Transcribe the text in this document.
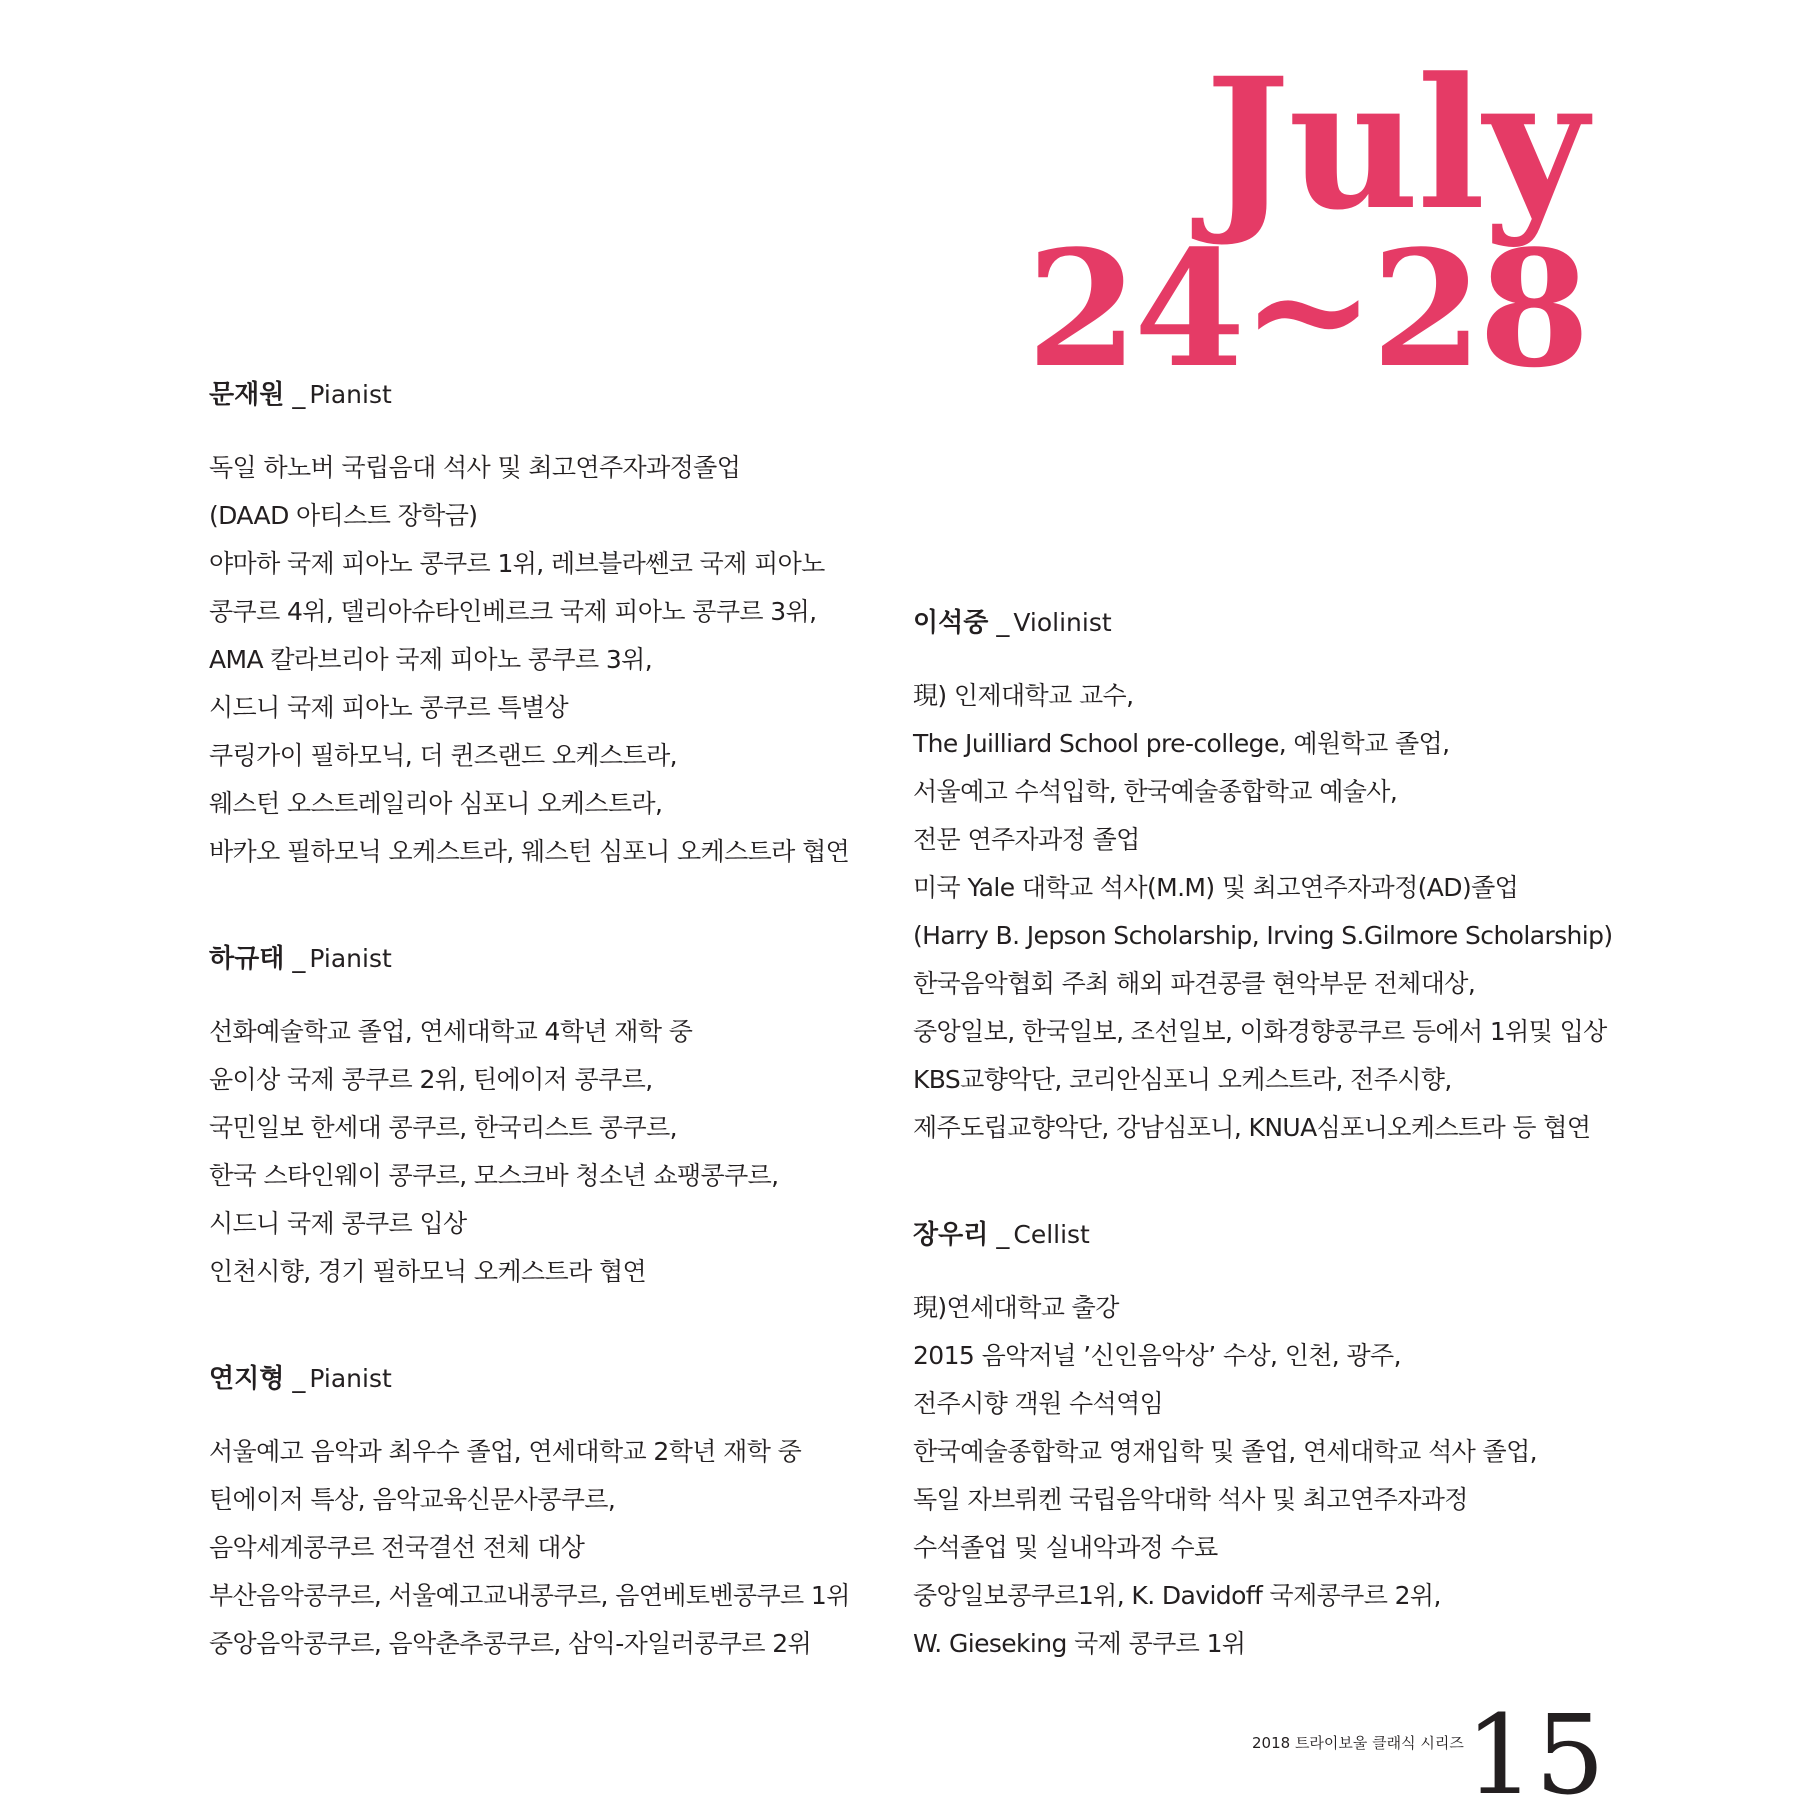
July
24~28
문재원 _ Pianist
독일 하노버 국립음대 석사 및 최고연주자과정졸업
(DAAD 아티스트 장학금)
야마하 국제 피아노 콩쿠르 1위, 레브블라쎈코 국제 피아노
콩쿠르 4위, 델리아슈타인베르크 국제 피아노 콩쿠르 3위,
AMA 칼라브리아 국제 피아노 콩쿠르 3위,
시드니 국제 피아노 콩쿠르 특별상
쿠링가이 필하모닉, 더 퀸즈랜드 오케스트라,
웨스턴 오스트레일리아 심포니 오케스트라,
바카오 필하모닉 오케스트라, 웨스턴 심포니 오케스트라 협연
하규태 _ Pianist
선화예술학교 졸업, 연세대학교 4학년 재학 중
윤이상 국제 콩쿠르 2위, 틴에이저 콩쿠르,
국민일보 한세대 콩쿠르, 한국리스트 콩쿠르,
한국 스타인웨이 콩쿠르, 모스크바 청소년 쇼팽콩쿠르,
시드니 국제 콩쿠르 입상
인천시향, 경기 필하모닉 오케스트라 협연
연지형 _ Pianist
서울예고 음악과 최우수 졸업, 연세대학교 2학년 재학 중
틴에이저 특상, 음악교육신문사콩쿠르,
음악세계콩쿠르 전국결선 전체 대상
부산음악콩쿠르, 서울예고교내콩쿠르, 음연베토벤콩쿠르 1위
중앙음악콩쿠르, 음악춘추콩쿠르, 삼익-자일러콩쿠르 2위
이석중 _ Violinist
現) 인제대학교 교수,
The Juilliard School pre-college, 예원학교 졸업,
서울예고 수석입학, 한국예술종합학교 예술사,
전문 연주자과정 졸업
미국 Yale 대학교 석사(M.M) 및 최고연주자과정(AD)졸업
(Harry B. Jepson Scholarship, Irving S.Gilmore Scholarship)
한국음악협회 주최 해외 파견콩클 현악부문 전체대상,
중앙일보, 한국일보, 조선일보, 이화경향콩쿠르 등에서 1위및 입상
KBS교향악단, 코리안심포니 오케스트라, 전주시향,
제주도립교향악단, 강남심포니, KNUA심포니오케스트라 등 협연
장우리 _ Cellist
現)연세대학교 출강
2015 음악저널 ’신인음악상’ 수상, 인천, 광주,
전주시향 객원 수석역임
한국예술종합학교 영재입학 및 졸업, 연세대학교 석사 졸업,
독일 자브뤼켄 국립음악대학 석사 및 최고연주자과정
수석졸업 및 실내악과정 수료
중앙일보콩쿠르1위, K. Davidoff 국제콩쿠르 2위,
W. Gieseking 국제 콩쿠르 1위
2018 트라이보울 클래식 시리즈 15
